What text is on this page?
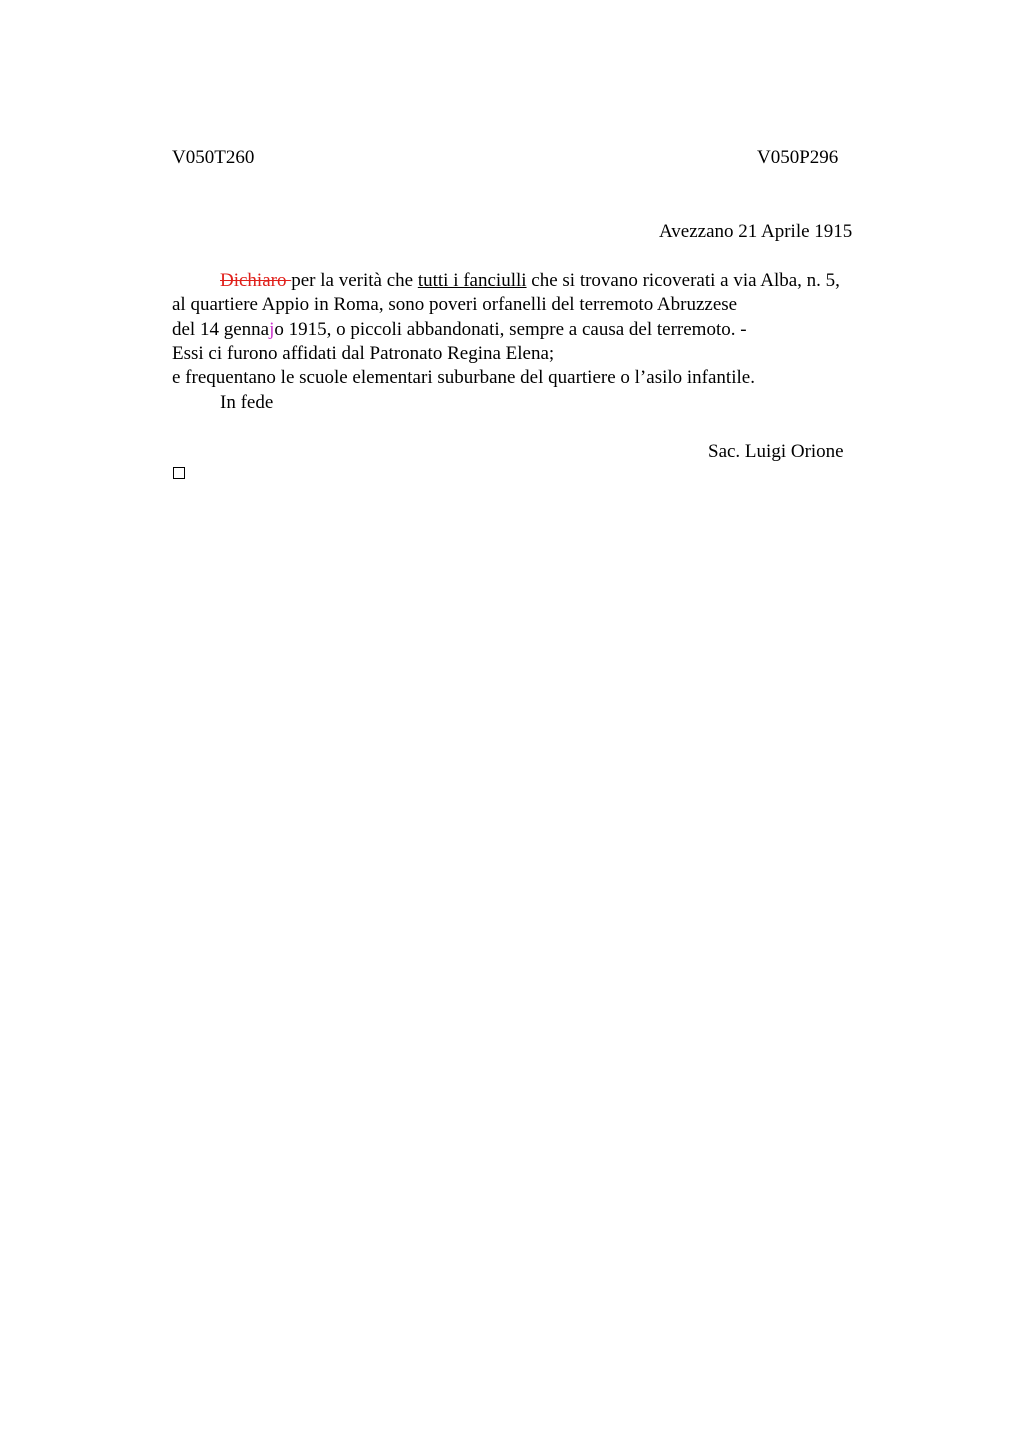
V050T260	V050P296
Avezzano 21 Aprile 1915
Dichiaro per la verità che tutti i fanciulli che si trovano ricoverati a via Alba, n. 5,
al quartiere Appio in Roma, sono poveri orfanelli del terremoto Abruzzese
del 14 gennajo 1915, o piccoli abbandonati, sempre a causa del terremoto. -
Essi ci furono affidati dal Patronato Regina Elena;
e frequentano le scuole elementari suburbane del quartiere o l’asilo infantile.
In fede
Sac. Luigi Orione
